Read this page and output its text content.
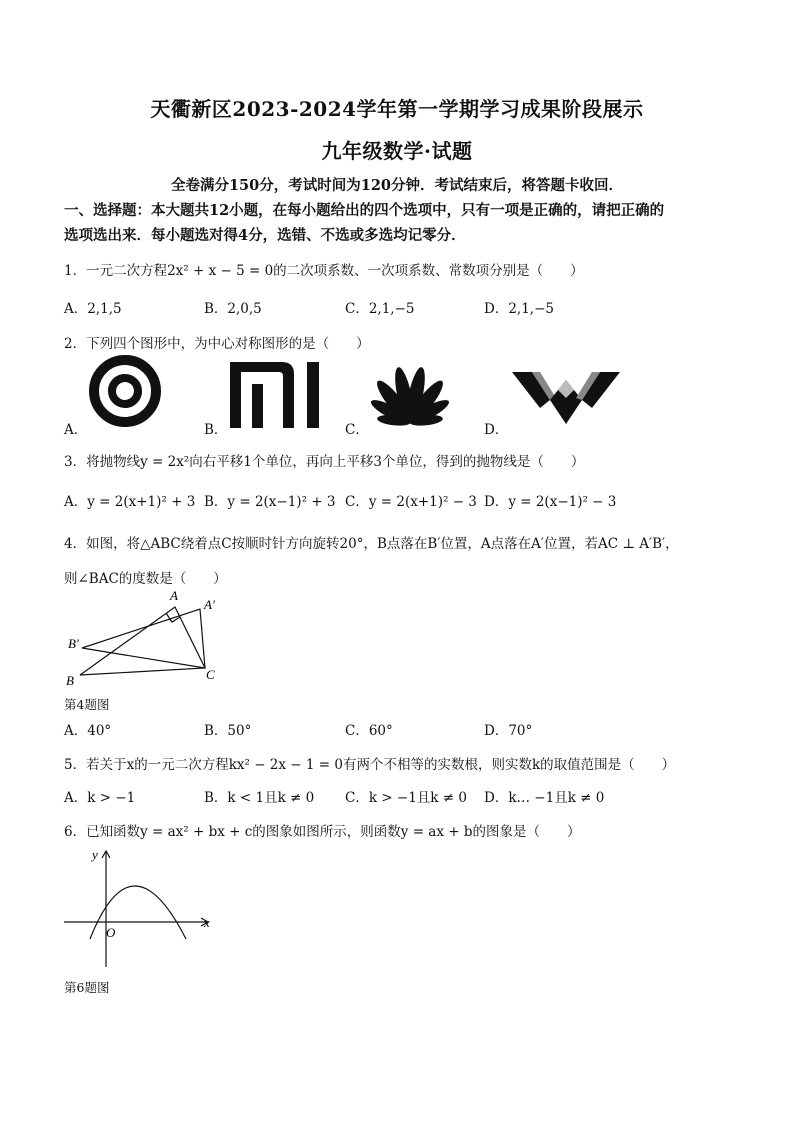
天衢新区2023-2024学年第一学期学习成果阶段展示
九年级数学·试题
全卷满分150分，考试时间为120分钟．考试结束后，将答题卡收回．
一、选择题：本大题共12小题，在每小题给出的四个选项中，只有一项是正确的，请把正确的
选项选出来．每小题选对得4分，选错、不选或多选均记零分．
1．一元二次方程2x² + x − 5 = 0的二次项系数、一次项系数、常数项分别是（　　）
A．2,1,5	B．2,0,5	C．2,1,−5	D．2,1,−5
2．下列四个图形中，为中心对称图形的是（　　）
A．	B．	C．	D．
3．将抛物线y = 2x²向右平移1个单位，再向上平移3个单位，得到的抛物线是（　　）
A．y = 2(x+1)² + 3 B．y = 2(x−1)² + 3 C．y = 2(x+1)² − 3 D．y = 2(x−1)² − 3
4．如图，将△ABC绕着点C按顺时针方向旋转20°，B点落在B′位置，A点落在A′位置，若AC ⊥ A′B′，
则∠BAC的度数是（　　）
A
A′
B′
B	C
第4题图
A．40°	B．50°	C．60°	D．70°
5．若关于x的一元二次方程kx² − 2x − 1 = 0有两个不相等的实数根，则实数k的取值范围是（　　）
A．k > −1	B．k < 1且k ≠ 0 C．k > −1且k ≠ 0 D．k… −1且k ≠ 0
6．已知函数y = ax² + bx + c的图象如图所示，则函数y = ax + b的图象是（　　）
y
x
O
第6题图
